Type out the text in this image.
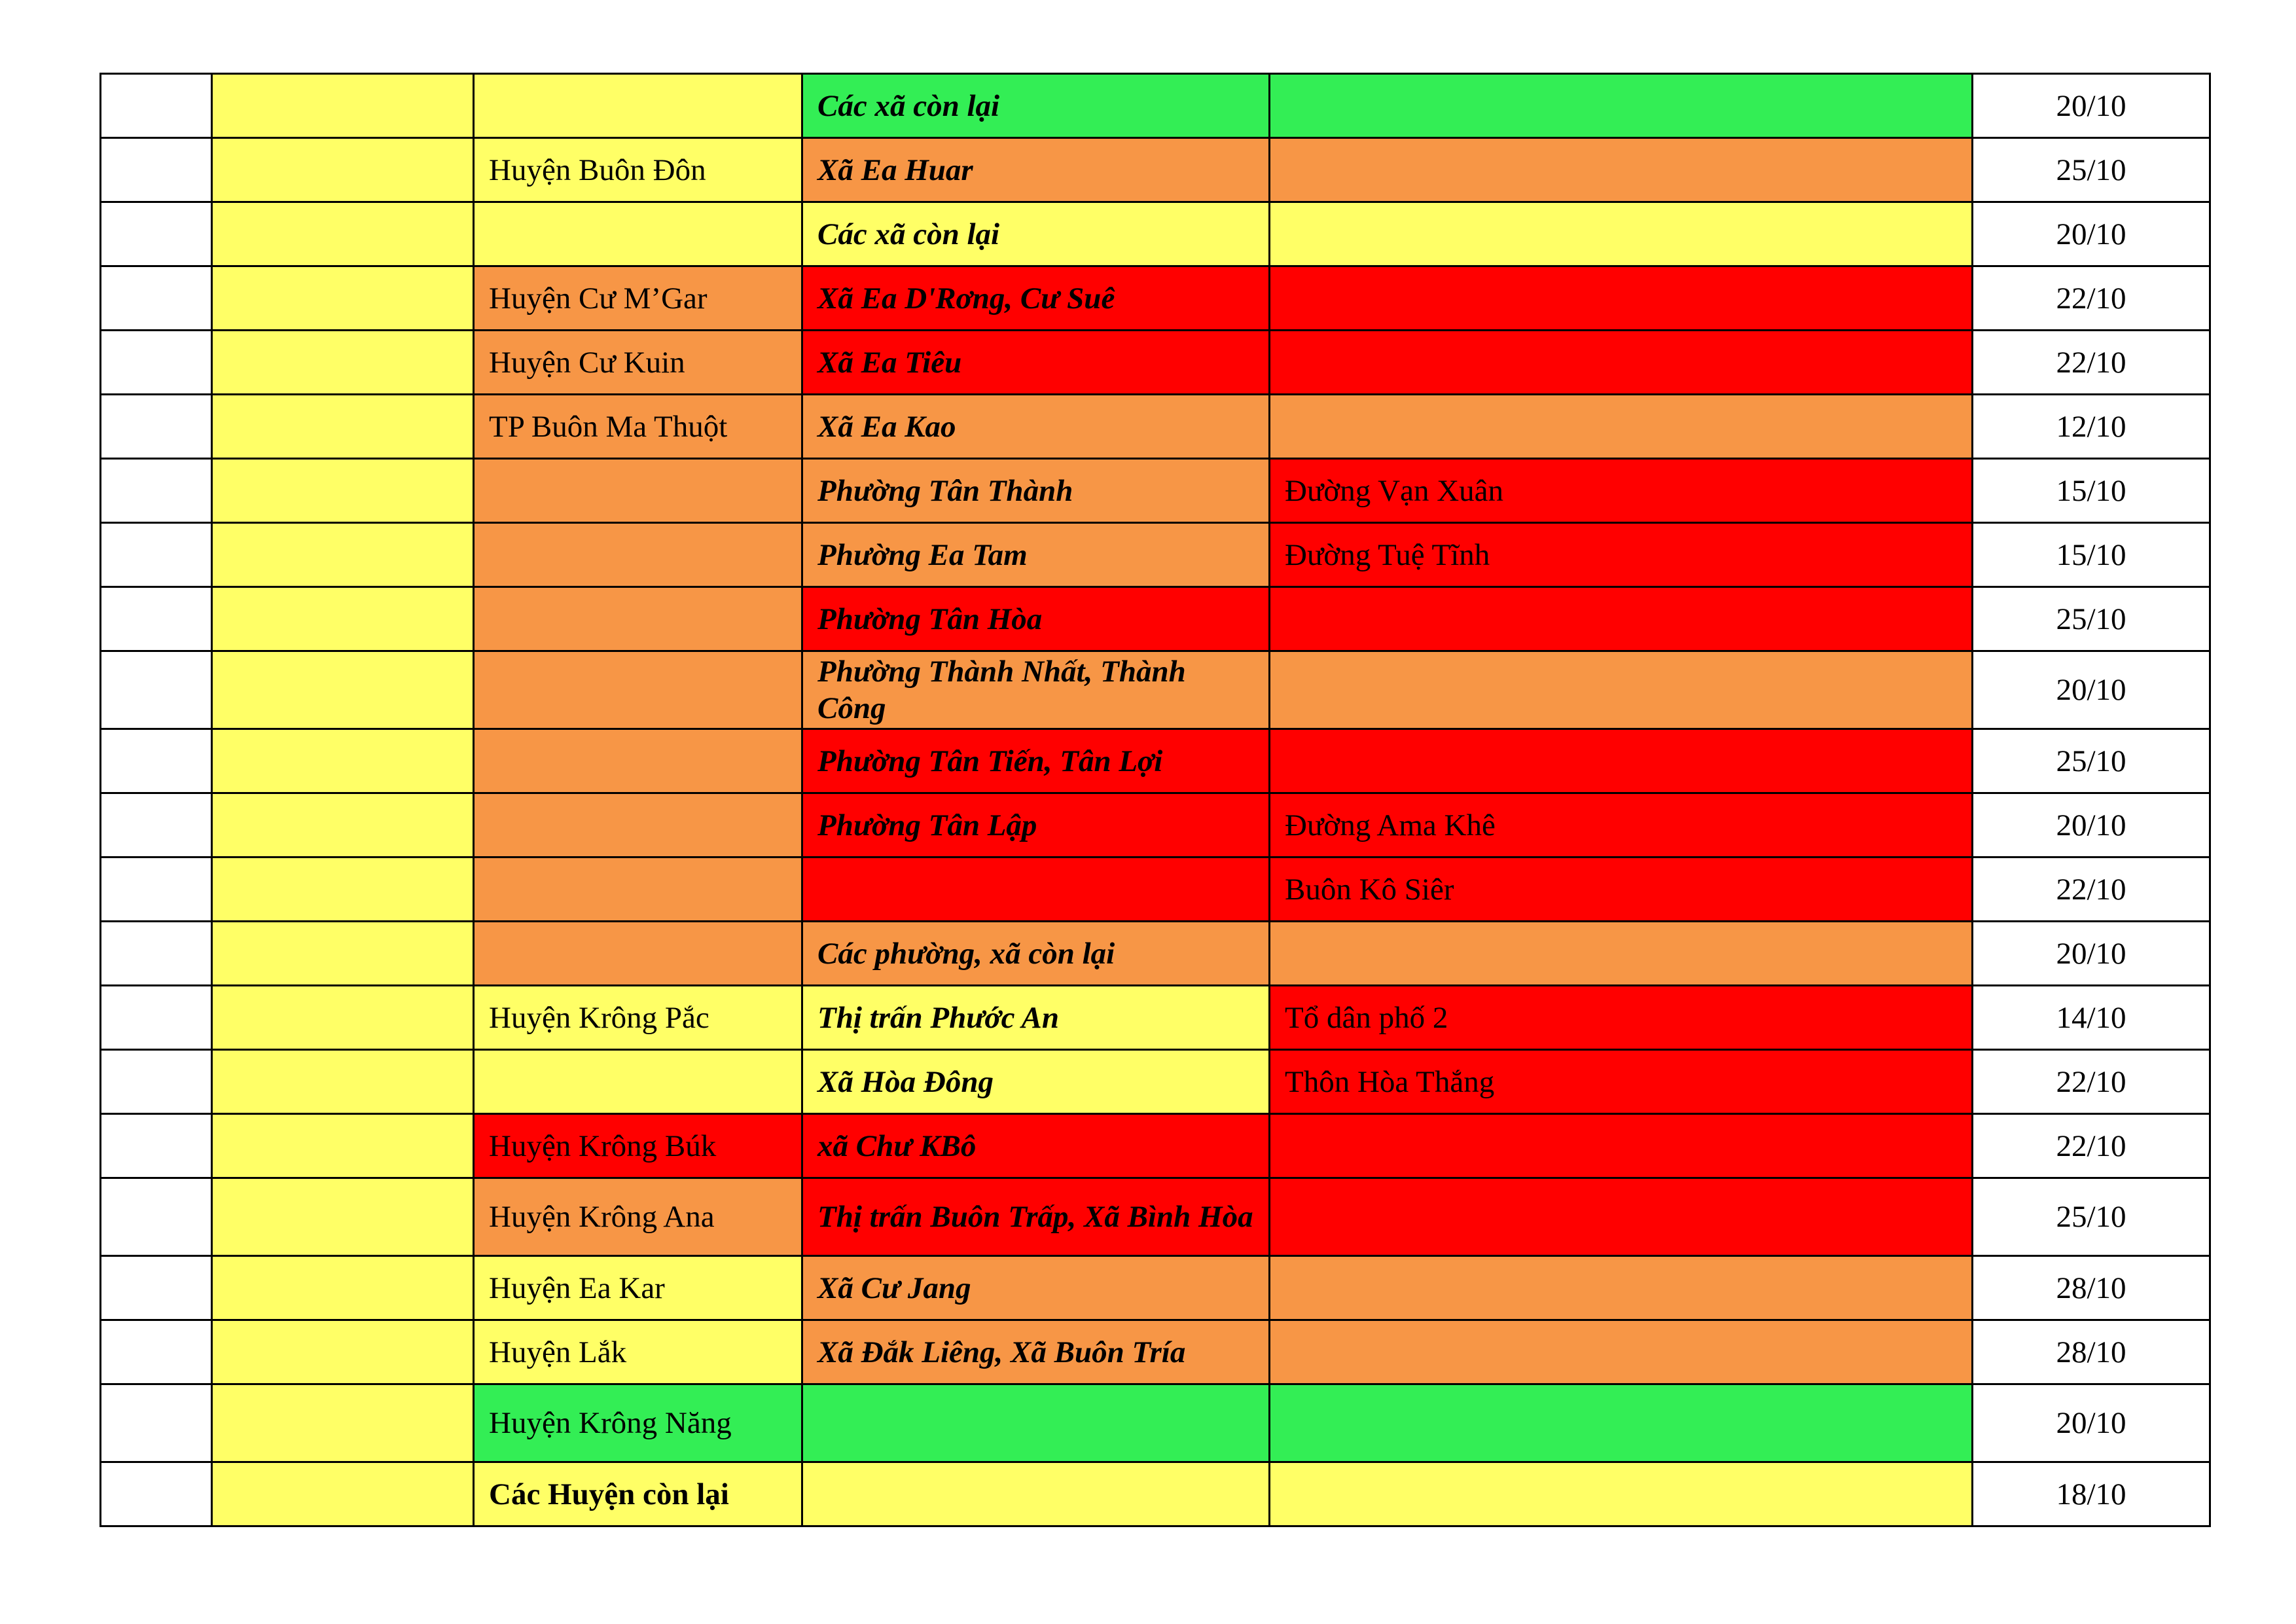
			Các xã còn lại		20/10
		Huyện Buôn Đôn	Xã Ea Huar		25/10
			Các xã còn lại		20/10
		Huyện Cư M’Gar	Xã Ea D'Rơng, Cư Suê		22/10
		Huyện Cư Kuin	Xã Ea Tiêu		22/10
		TP Buôn Ma Thuột	Xã Ea Kao		12/10
			Phường Tân Thành	Đường Vạn Xuân	15/10
			Phường Ea Tam	Đường Tuệ Tĩnh	15/10
			Phường Tân Hòa		25/10
			Phường Thành Nhất, Thành Công		20/10
			Phường Tân Tiến, Tân Lợi		25/10
			Phường Tân Lập	Đường Ama Khê	20/10
				Buôn Kô Siêr	22/10
			Các phường, xã còn lại		20/10
		Huyện Krông Pắc	Thị trấn Phước An	Tổ dân phố 2	14/10
			Xã Hòa Đông	Thôn Hòa Thắng	22/10
		Huyện Krông Búk	xã Chư KBô		22/10
		Huyện Krông Ana	Thị trấn Buôn Trấp, Xã Bình Hòa		25/10
		Huyện Ea Kar	Xã Cư Jang		28/10
		Huyện Lắk	Xã Đắk Liêng, Xã Buôn Tría		28/10
		Huyện Krông Năng			20/10
		Các Huyện còn lại			18/10
